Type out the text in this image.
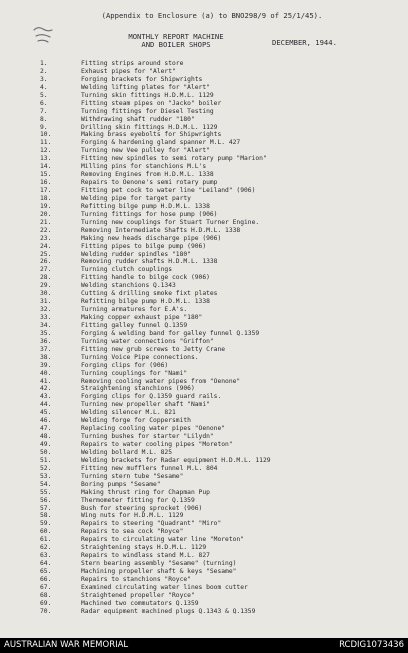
(Appendix to Enclosure (a) to BNO298/9 of 25/1/45).
MONTHLY REPORT MACHINE
AND BOILER SHOPS	DECEMBER, 1944.
1.	Fitting strips around store
2.	Exhaust pipes for "Alert"
3.	Forging brackets for Shipwrights
4.	Welding lifting plates for "Alert"
5.	Turning skin fittings H.D.M.L. 1129
6.	Fitting steam pipes on "Jacko" boiler
7.	Turning fittings for Diesel Testing
8.	Withdrawing shaft rudder "180"
9.	Drilling skin fittings H.D.M.L. 1129
10.	Making brass eyebolts for Shipwrights
11.	Forging & hardening gland spanner M.L. 427
12.	Turning new Vee pulley for "Alert"
13.	Fitting new spindles to semi rotary pump "Marion"
14.	Milling pins for stanchions M.L's
15.	Removing Engines from H.D.M.L. 1338
16.	Repairs to Oenone's semi rotary pump
17.	Fitting pet cock to water line "Leiland" (906)
18.	Welding pipe for target party
19.	Refitting bilge pump H.D.M.L. 1338
20.	Turning fittings for hose pump (906)
21.	Turning new couplings for Stuart Turner Engine.
22.	Removing Intermediate Shafts H.D.M.L. 1338
23.	Making new heads discharge pipe (906)
24.	Fitting pipes to bilge pump (906)
25.	Welding rudder spindles "180"
26.	Removing rudder shafts H.D.M.L. 1338
27.	Turning clutch couplings
28.	Fitting handle to bilge cock (906)
29.	Welding stanchions Q.1343
30.	Cutting & drilling smoke fixt plates
31.	Refitting bilge pump H.D.M.L. 1338
32.	Turning armatures for E.A's.
33.	Making copper exhaust pipe "180"
34.	Fitting galley funnel Q.1359
35.	Forging & welding band for galley funnel Q.1359
36.	Turning water connections "Griffon"
37.	Fitting new grub screws to Jetty Crane
38.	Turning Voice Pipe connections.
39.	Forging clips for (906)
40.	Turning couplings for "Nami"
41.	Removing cooling water pipes from "Oenone"
42.	Straightening stanchions (906)
43.	Forging clips for Q.1359 guard rails.
44.	Turning new propeller shaft "Nami"
45.	Welding silencer M.L. 821
46.	Welding forge for Coppersmith
47.	Replacing cooling water pipes "Oenone"
48.	Turning bushes for starter "Lilydn"
49.	Repairs to water cooling pipes "Moreton"
50.	Welding bollard M.L. 825
51.	Welding brackets for Radar equipment H.D.M.L. 1129
52.	Fitting new mufflers funnel M.L. 804
53.	Turning stern tube "Sesame"
54.	Boring pumps "Sesame"
55.	Making thrust ring for Chapman Pup
56.	Thermometer fitting for Q.1359
57.	Bush for steering sprocket (906)
58.	Wing nuts for H.D.M.L. 1129
59.	Repairs to steering "Quadrant" "Miro"
60.	Repairs to sea cock "Royce"
61.	Repairs to circulating water line "Moreton"
62.	Straightening stays H.D.M.L. 1129
63.	Repairs to windlass stand M.L. 827
64.	Stern bearing assembly "Sesame" (turning)
65.	Machining propeller shaft & keys "Sesame"
66.	Repairs to stanchions "Royce"
67.	Examined circulating water lines boom cutter
68.	Straightened propeller "Royce"
69.	Machined two commutators Q.1359
70.	Radar equipment machined plugs Q.1343 & Q.1359
AUSTRALIAN WAR MEMORIAL	RCDIG1073436
